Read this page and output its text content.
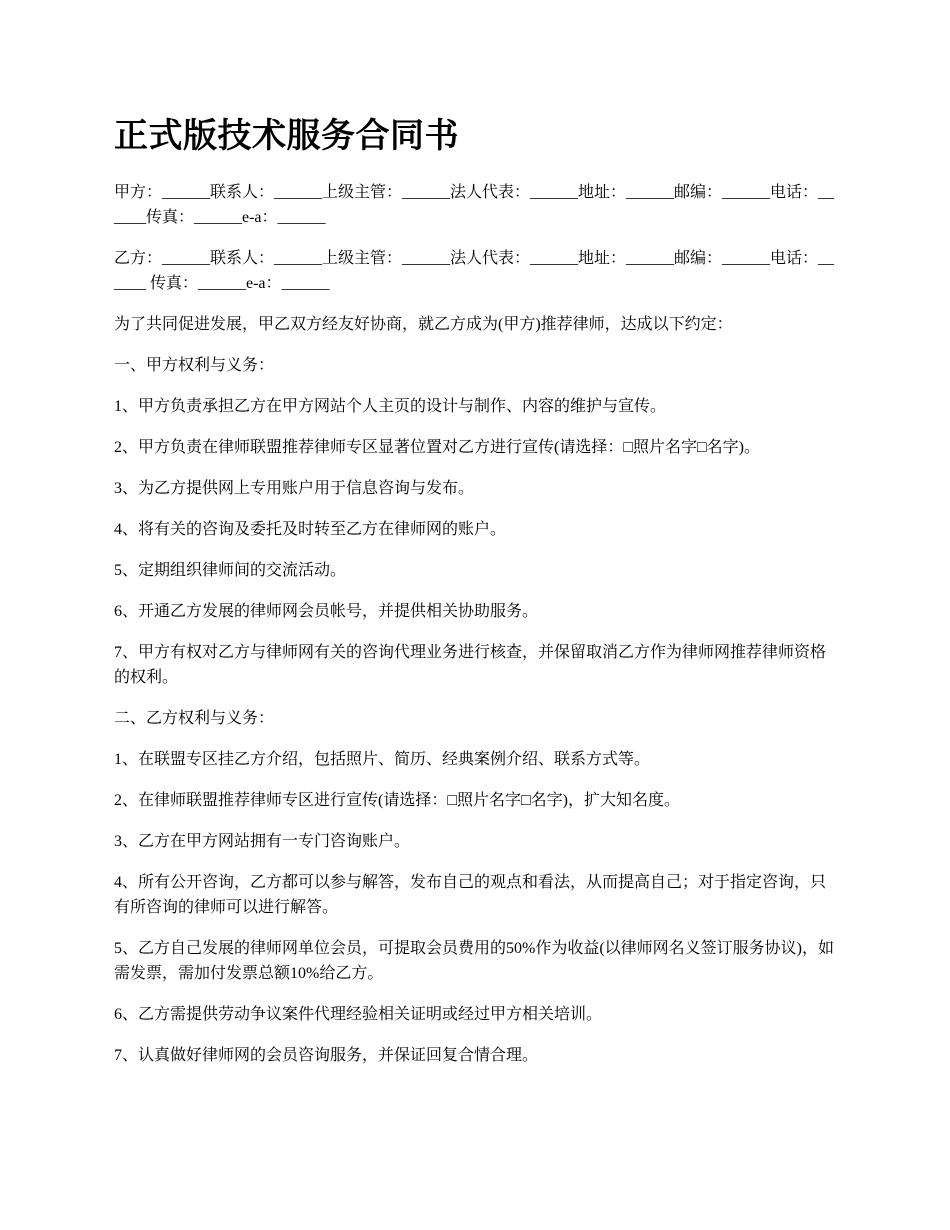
正式版技术服务合同书

甲方：______联系人：______上级主管：______法人代表：______地址：______邮编：______电话：______传真：______e-a：______

乙方：______联系人：______上级主管：______法人代表：______地址：______邮编：______电话：______ 传真：______e-a：______

为了共同促进发展，甲乙双方经友好协商，就乙方成为(甲方)推荐律师，达成以下约定：

一、甲方权利与义务：

1、甲方负责承担乙方在甲方网站个人主页的设计与制作、内容的维护与宣传。

2、甲方负责在律师联盟推荐律师专区显著位置对乙方进行宣传(请选择：□照片名字□名字)。

3、为乙方提供网上专用账户用于信息咨询与发布。

4、将有关的咨询及委托及时转至乙方在律师网的账户。

5、定期组织律师间的交流活动。

6、开通乙方发展的律师网会员帐号，并提供相关协助服务。

7、甲方有权对乙方与律师网有关的咨询代理业务进行核查，并保留取消乙方作为律师网推荐律师资格的权利。

二、乙方权利与义务：

1、在联盟专区挂乙方介绍，包括照片、简历、经典案例介绍、联系方式等。

2、在律师联盟推荐律师专区进行宣传(请选择：□照片名字□名字)，扩大知名度。

3、乙方在甲方网站拥有一专门咨询账户。

4、所有公开咨询，乙方都可以参与解答，发布自己的观点和看法，从而提高自己；对于指定咨询，只有所咨询的律师可以进行解答。

5、乙方自己发展的律师网单位会员，可提取会员费用的50%作为收益(以律师网名义签订服务协议)，如需发票，需加付发票总额10%给乙方。

6、乙方需提供劳动争议案件代理经验相关证明或经过甲方相关培训。

7、认真做好律师网的会员咨询服务，并保证回复合情合理。
